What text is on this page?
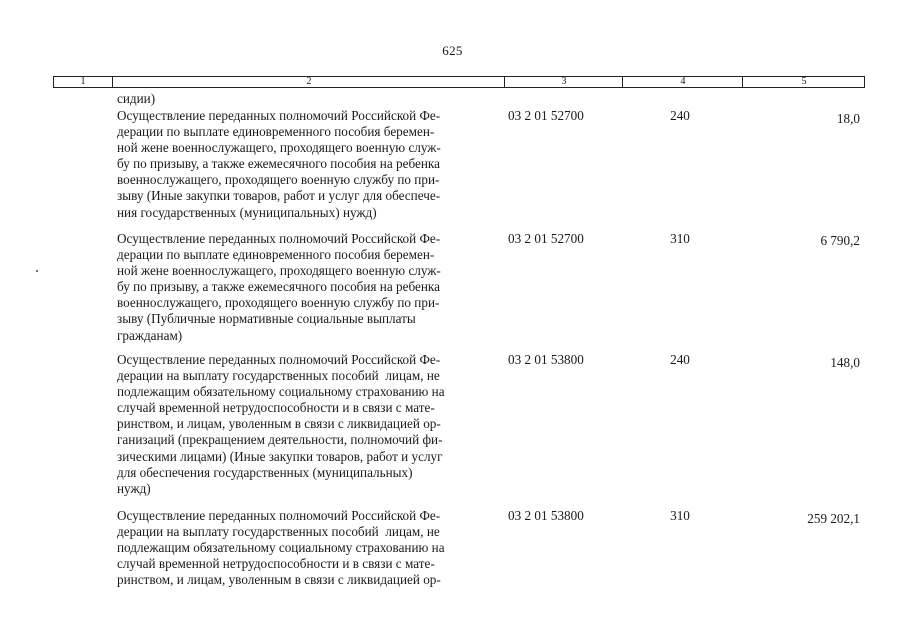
625
1	2	3	4	5
сидии)
Осуществление переданных полномочий Российской Фе-
дерации по выплате единовременного пособия беремен-
ной жене военнослужащего, проходящего военную служ-
бу по призыву, а также ежемесячного пособия на ребенка
военнослужащего, проходящего военную службу по при-
зыву (Иные закупки товаров, работ и услуг для обеспече-
ния государственных (муниципальных) нужд)
03 2 01 52700	240	18,0
Осуществление переданных полномочий Российской Фе-
дерации по выплате единовременного пособия беремен-
ной жене военнослужащего, проходящего военную служ-
бу по призыву, а также ежемесячного пособия на ребенка
военнослужащего, проходящего военную службу по при-
зыву (Публичные нормативные социальные выплаты
гражданам)
03 2 01 52700	310	6 790,2
Осуществление переданных полномочий Российской Фе-
дерации на выплату государственных пособий  лицам, не
подлежащим обязательному социальному страхованию на
случай временной нетрудоспособности и в связи с мате-
ринством, и лицам, уволенным в связи с ликвидацией ор-
ганизаций (прекращением деятельности, полномочий фи-
зическими лицами) (Иные закупки товаров, работ и услуг
для обеспечения государственных (муниципальных)
нужд)
03 2 01 53800	240	148,0
Осуществление переданных полномочий Российской Фе-
дерации на выплату государственных пособий  лицам, не
подлежащим обязательному социальному страхованию на
случай временной нетрудоспособности и в связи с мате-
ринством, и лицам, уволенным в связи с ликвидацией ор-
03 2 01 53800	310	259 202,1
